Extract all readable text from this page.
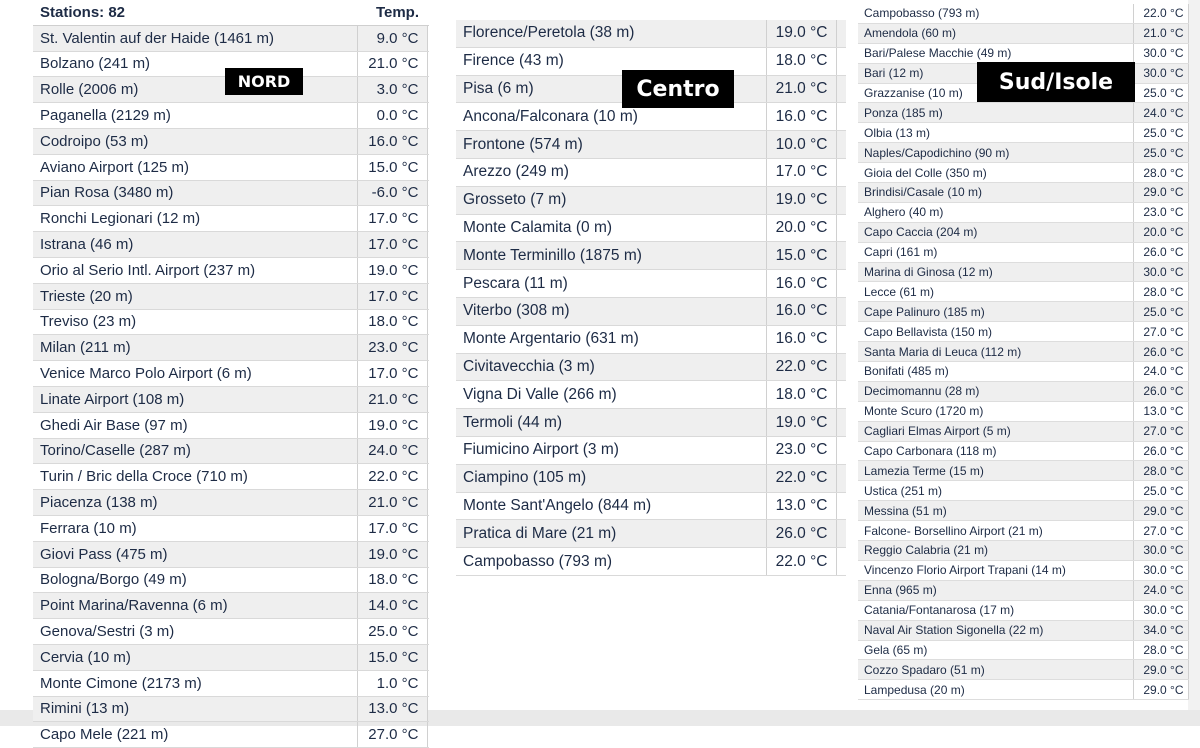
Stations: 82	Temp.	
St. Valentin auf der Haide (1461 m)	9.0 °C	
Bolzano (241 m)	21.0 °C	
Rolle (2006 m)	3.0 °C	
Paganella (2129 m)	0.0 °C	
Codroipo (53 m)	16.0 °C	
Aviano Airport (125 m)	15.0 °C	
Pian Rosa (3480 m)	-6.0 °C	
Ronchi Legionari (12 m)	17.0 °C	
Istrana (46 m)	17.0 °C	
Orio al Serio Intl. Airport (237 m)	19.0 °C	
Trieste (20 m)	17.0 °C	
Treviso (23 m)	18.0 °C	
Milan (211 m)	23.0 °C	
Venice Marco Polo Airport (6 m)	17.0 °C	
Linate Airport (108 m)	21.0 °C	
Ghedi Air Base (97 m)	19.0 °C	
Torino/Caselle (287 m)	24.0 °C	
Turin / Bric della Croce (710 m)	22.0 °C	
Piacenza (138 m)	21.0 °C	
Ferrara (10 m)	17.0 °C	
Giovi Pass (475 m)	19.0 °C	
Bologna/Borgo (49 m)	18.0 °C	
Point Marina/Ravenna (6 m)	14.0 °C	
Genova/Sestri (3 m)	25.0 °C	
Cervia (10 m)	15.0 °C	
Monte Cimone (2173 m)	1.0 °C	
Rimini (13 m)	13.0 °C	
Capo Mele (221 m)	27.0 °C	
Florence/Peretola (38 m)	19.0 °C	
Firence (43 m)	18.0 °C	
Pisa (6 m)	21.0 °C	
Ancona/Falconara (10 m)	16.0 °C	
Frontone (574 m)	10.0 °C	
Arezzo (249 m)	17.0 °C	
Grosseto (7 m)	19.0 °C	
Monte Calamita (0 m)	20.0 °C	
Monte Terminillo (1875 m)	15.0 °C	
Pescara (11 m)	16.0 °C	
Viterbo (308 m)	16.0 °C	
Monte Argentario (631 m)	16.0 °C	
Civitavecchia (3 m)	22.0 °C	
Vigna Di Valle (266 m)	18.0 °C	
Termoli (44 m)	19.0 °C	
Fiumicino Airport (3 m)	23.0 °C	
Ciampino (105 m)	22.0 °C	
Monte Sant'Angelo (844 m)	13.0 °C	
Pratica di Mare (21 m)	26.0 °C	
Campobasso (793 m)	22.0 °C	
Campobasso (793 m)	22.0 °C
Amendola (60 m)	21.0 °C
Bari/Palese Macchie (49 m)	30.0 °C
Bari (12 m)	30.0 °C
Grazzanise (10 m)	25.0 °C
Ponza (185 m)	24.0 °C
Olbia (13 m)	25.0 °C
Naples/Capodichino (90 m)	25.0 °C
Gioia del Colle (350 m)	28.0 °C
Brindisi/Casale (10 m)	29.0 °C
Alghero (40 m)	23.0 °C
Capo Caccia (204 m)	20.0 °C
Capri (161 m)	26.0 °C
Marina di Ginosa (12 m)	30.0 °C
Lecce (61 m)	28.0 °C
Cape Palinuro (185 m)	25.0 °C
Capo Bellavista (150 m)	27.0 °C
Santa Maria di Leuca (112 m)	26.0 °C
Bonifati (485 m)	24.0 °C
Decimomannu (28 m)	26.0 °C
Monte Scuro (1720 m)	13.0 °C
Cagliari Elmas Airport (5 m)	27.0 °C
Capo Carbonara (118 m)	26.0 °C
Lamezia Terme (15 m)	28.0 °C
Ustica (251 m)	25.0 °C
Messina (51 m)	29.0 °C
Falcone- Borsellino Airport (21 m)	27.0 °C
Reggio Calabria (21 m)	30.0 °C
Vincenzo Florio Airport Trapani (14 m)	30.0 °C
Enna (965 m)	24.0 °C
Catania/Fontanarosa (17 m)	30.0 °C
Naval Air Station Sigonella (22 m)	34.0 °C
Gela (65 m)	28.0 °C
Cozzo Spadaro (51 m)	29.0 °C
Lampedusa (20 m)	29.0 °C
NORD	Centro	Sud/Isole
